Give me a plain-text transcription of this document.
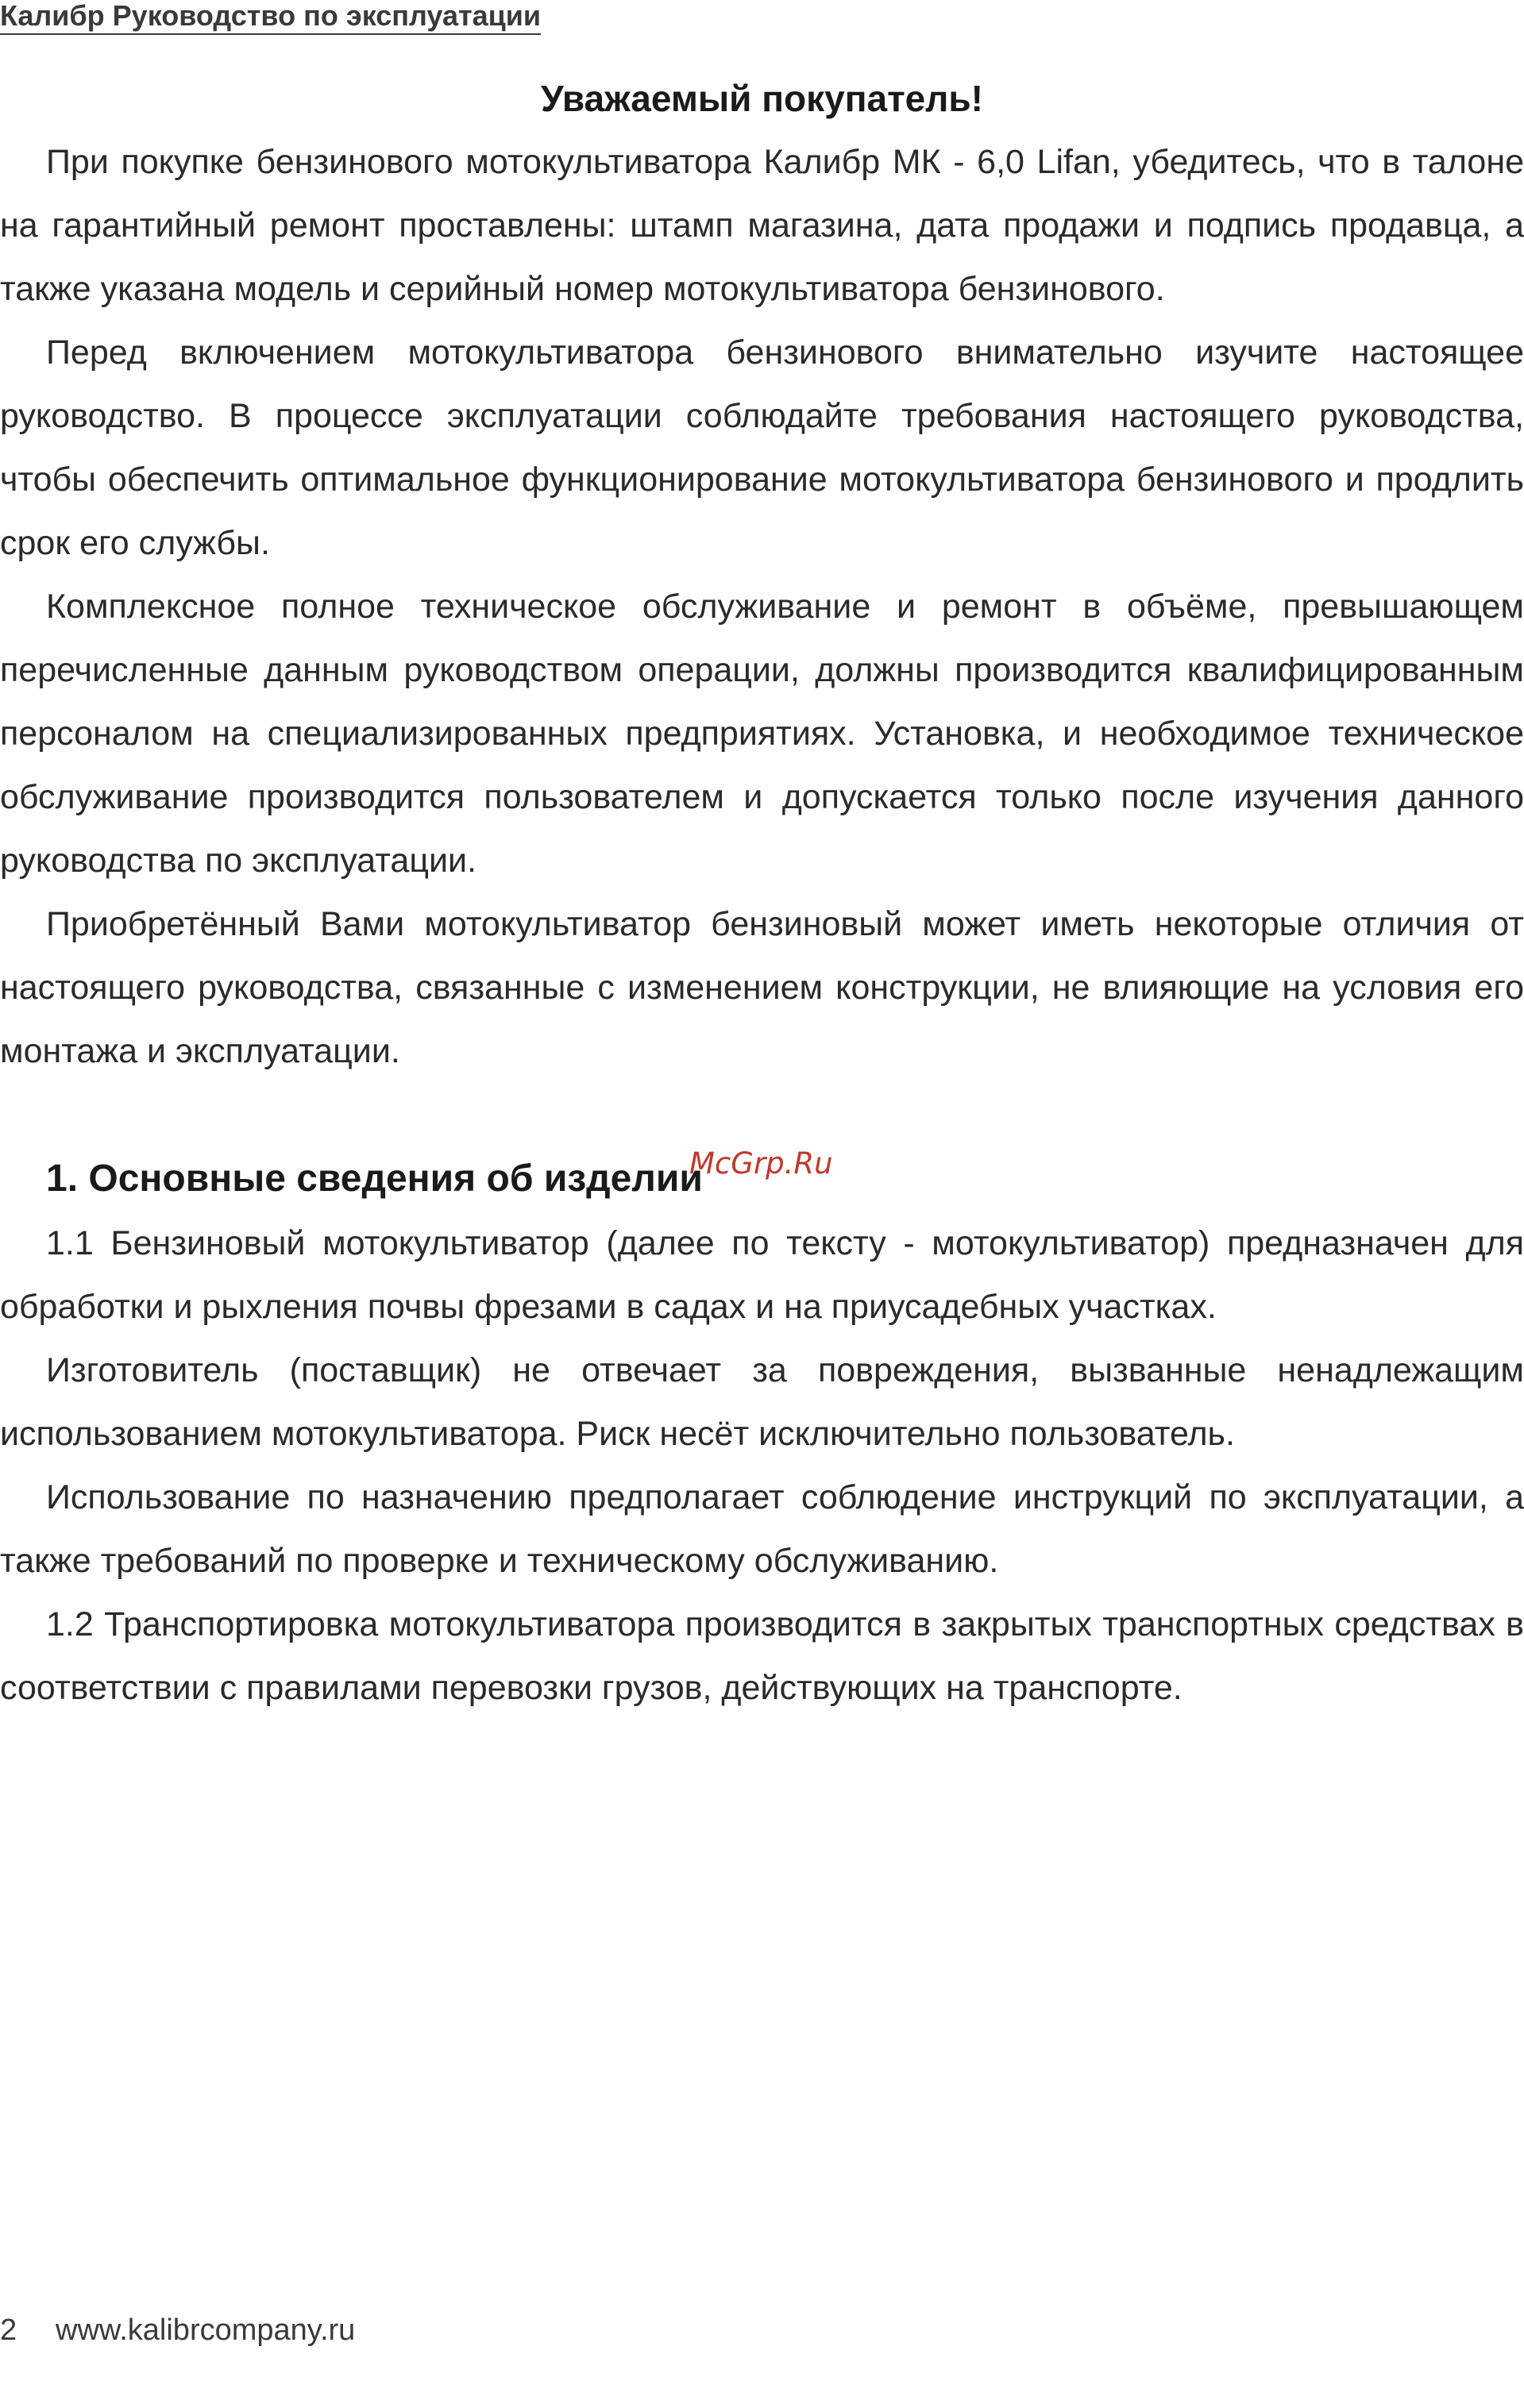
Калибр Руководство по эксплуатации
Уважаемый покупатель!

При покупке бензинового мотокультиватора Калибр МК - 6,0 Lifan, убедитесь, что в талоне на гарантийный ремонт проставлены: штамп магазина, дата продажи и подпись продавца, а также указана модель и серийный номер мотокультиватора бензинового.

Перед включением мотокультиватора бензинового внимательно изучите настоящее руководство. В процессе эксплуатации соблюдайте требования настоящего руководства, чтобы обеспечить оптимальное функционирование мотокультиватора бензинового и продлить срок его службы.

Комплексное полное техническое обслуживание и ремонт в объёме, превышающем перечисленные данным руководством операции, должны производится квалифицированным персоналом на специализированных предприятиях. Установка, и необходимое техническое обслуживание производится пользователем и допускается только после изучения данного руководства по эксплуатации.

Приобретённый Вами мотокультиватор бензиновый может иметь некоторые отличия от настоящего руководства, связанные с изменением конструкции, не влияющие на условия его монтажа и эксплуатации.

1. Основные сведения об изделии
McGrp.Ru

1.1 Бензиновый мотокультиватор (далее по тексту - мотокультиватор) предназначен для обработки и рыхления почвы фрезами в садах и на приусадебных участках.

Изготовитель (поставщик) не отвечает за повреждения, вызванные ненадлежащим использованием мотокультиватора. Риск несёт исключительно пользователь.

Использование по назначению предполагает соблюдение инструкций по эксплуатации, а также требований по проверке и техническому обслуживанию.

1.2 Транспортировка мотокультиватора производится в закрытых транспортных средствах в соответствии с правилами перевозки грузов, действующих на транспорте.

2 www.kalibrcompany.ru
